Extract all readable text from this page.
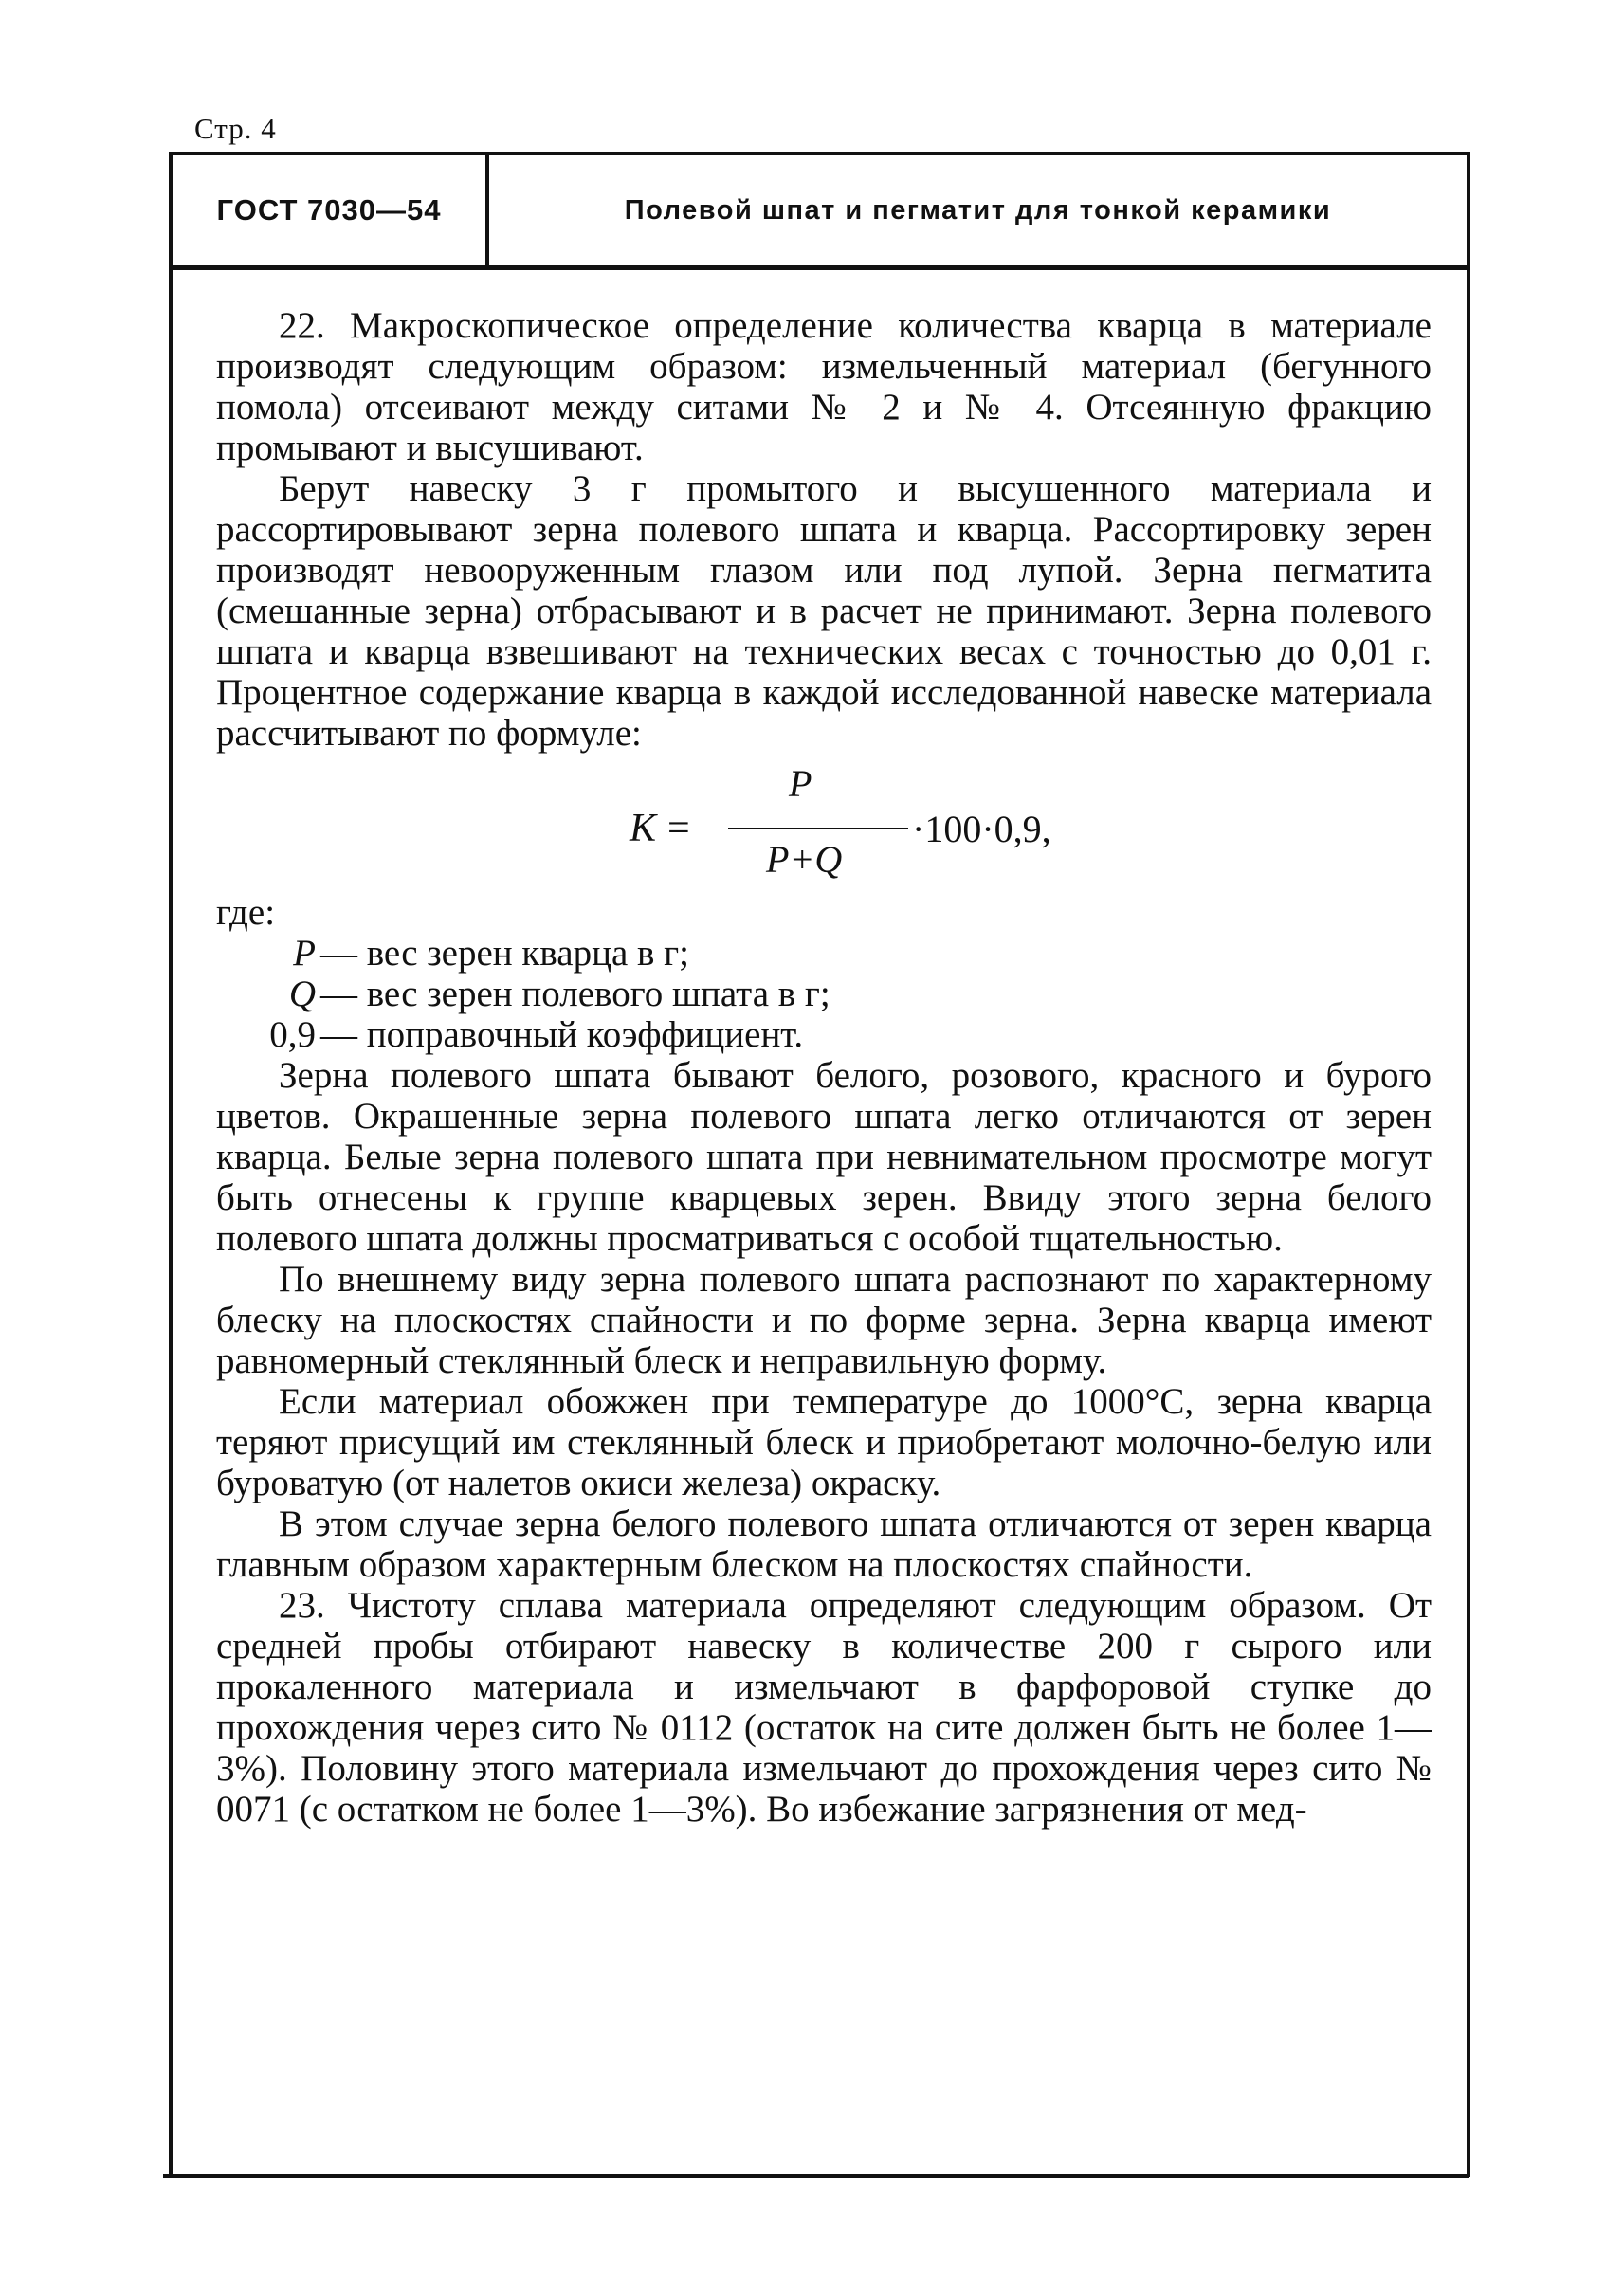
Стр. 4
ГОСТ 7030—54	Полевой шпат и пегматит для тонкой керамики

22. Макроскопическое определение количества кварца в материале производят следующим образом: измельченный материал (бегунного помола) отсеивают между ситами № 2 и № 4. Отсеянную фракцию промывают и высушивают.

Берут навеску 3 г промытого и высушенного материала и рассортировывают зерна полевого шпата и кварца. Рассортировку зерен производят невооруженным глазом или под лупой. Зерна пегматита (смешанные зерна) отбрасывают и в расчет не принимают. Зерна полевого шпата и кварца взвешивают на технических весах с точностью до 0,01 г. Процентное содержание кварца в каждой исследованной навеске материала рассчитывают по формуле:

K =
P
P+Q
·100·0,9,

где:

P — вес зерен кварца в г;
Q — вес зерен полевого шпата в г;
0,9 — поправочный коэффициент.

Зерна полевого шпата бывают белого, розового, красного и бурого цветов. Окрашенные зерна полевого шпата легко отличаются от зерен кварца. Белые зерна полевого шпата при невнимательном просмотре могут быть отнесены к группе кварцевых зерен. Ввиду этого зерна белого полевого шпата должны просматриваться с особой тщательностью.

По внешнему виду зерна полевого шпата распознают по характерному блеску на плоскостях спайности и по форме зерна. Зерна кварца имеют равномерный стеклянный блеск и неправильную форму.

Если материал обожжен при температуре до 1000°С, зерна кварца теряют присущий им стеклянный блеск и приобретают молочно-белую или буроватую (от налетов окиси железа) окраску.

В этом случае зерна белого полевого шпата отличаются от зерен кварца главным образом характерным блеском на плоскостях спайности.

23. Чистоту сплава материала определяют следующим образом. От средней пробы отбирают навеску в количестве 200 г сырого или прокаленного материала и измельчают в фарфоровой ступке до прохождения через сито № 0112 (остаток на сите должен быть не более 1—3%). Половину этого материала измельчают до прохождения через сито № 0071 (с остатком не более 1—3%). Во избежание загрязнения от мед-
